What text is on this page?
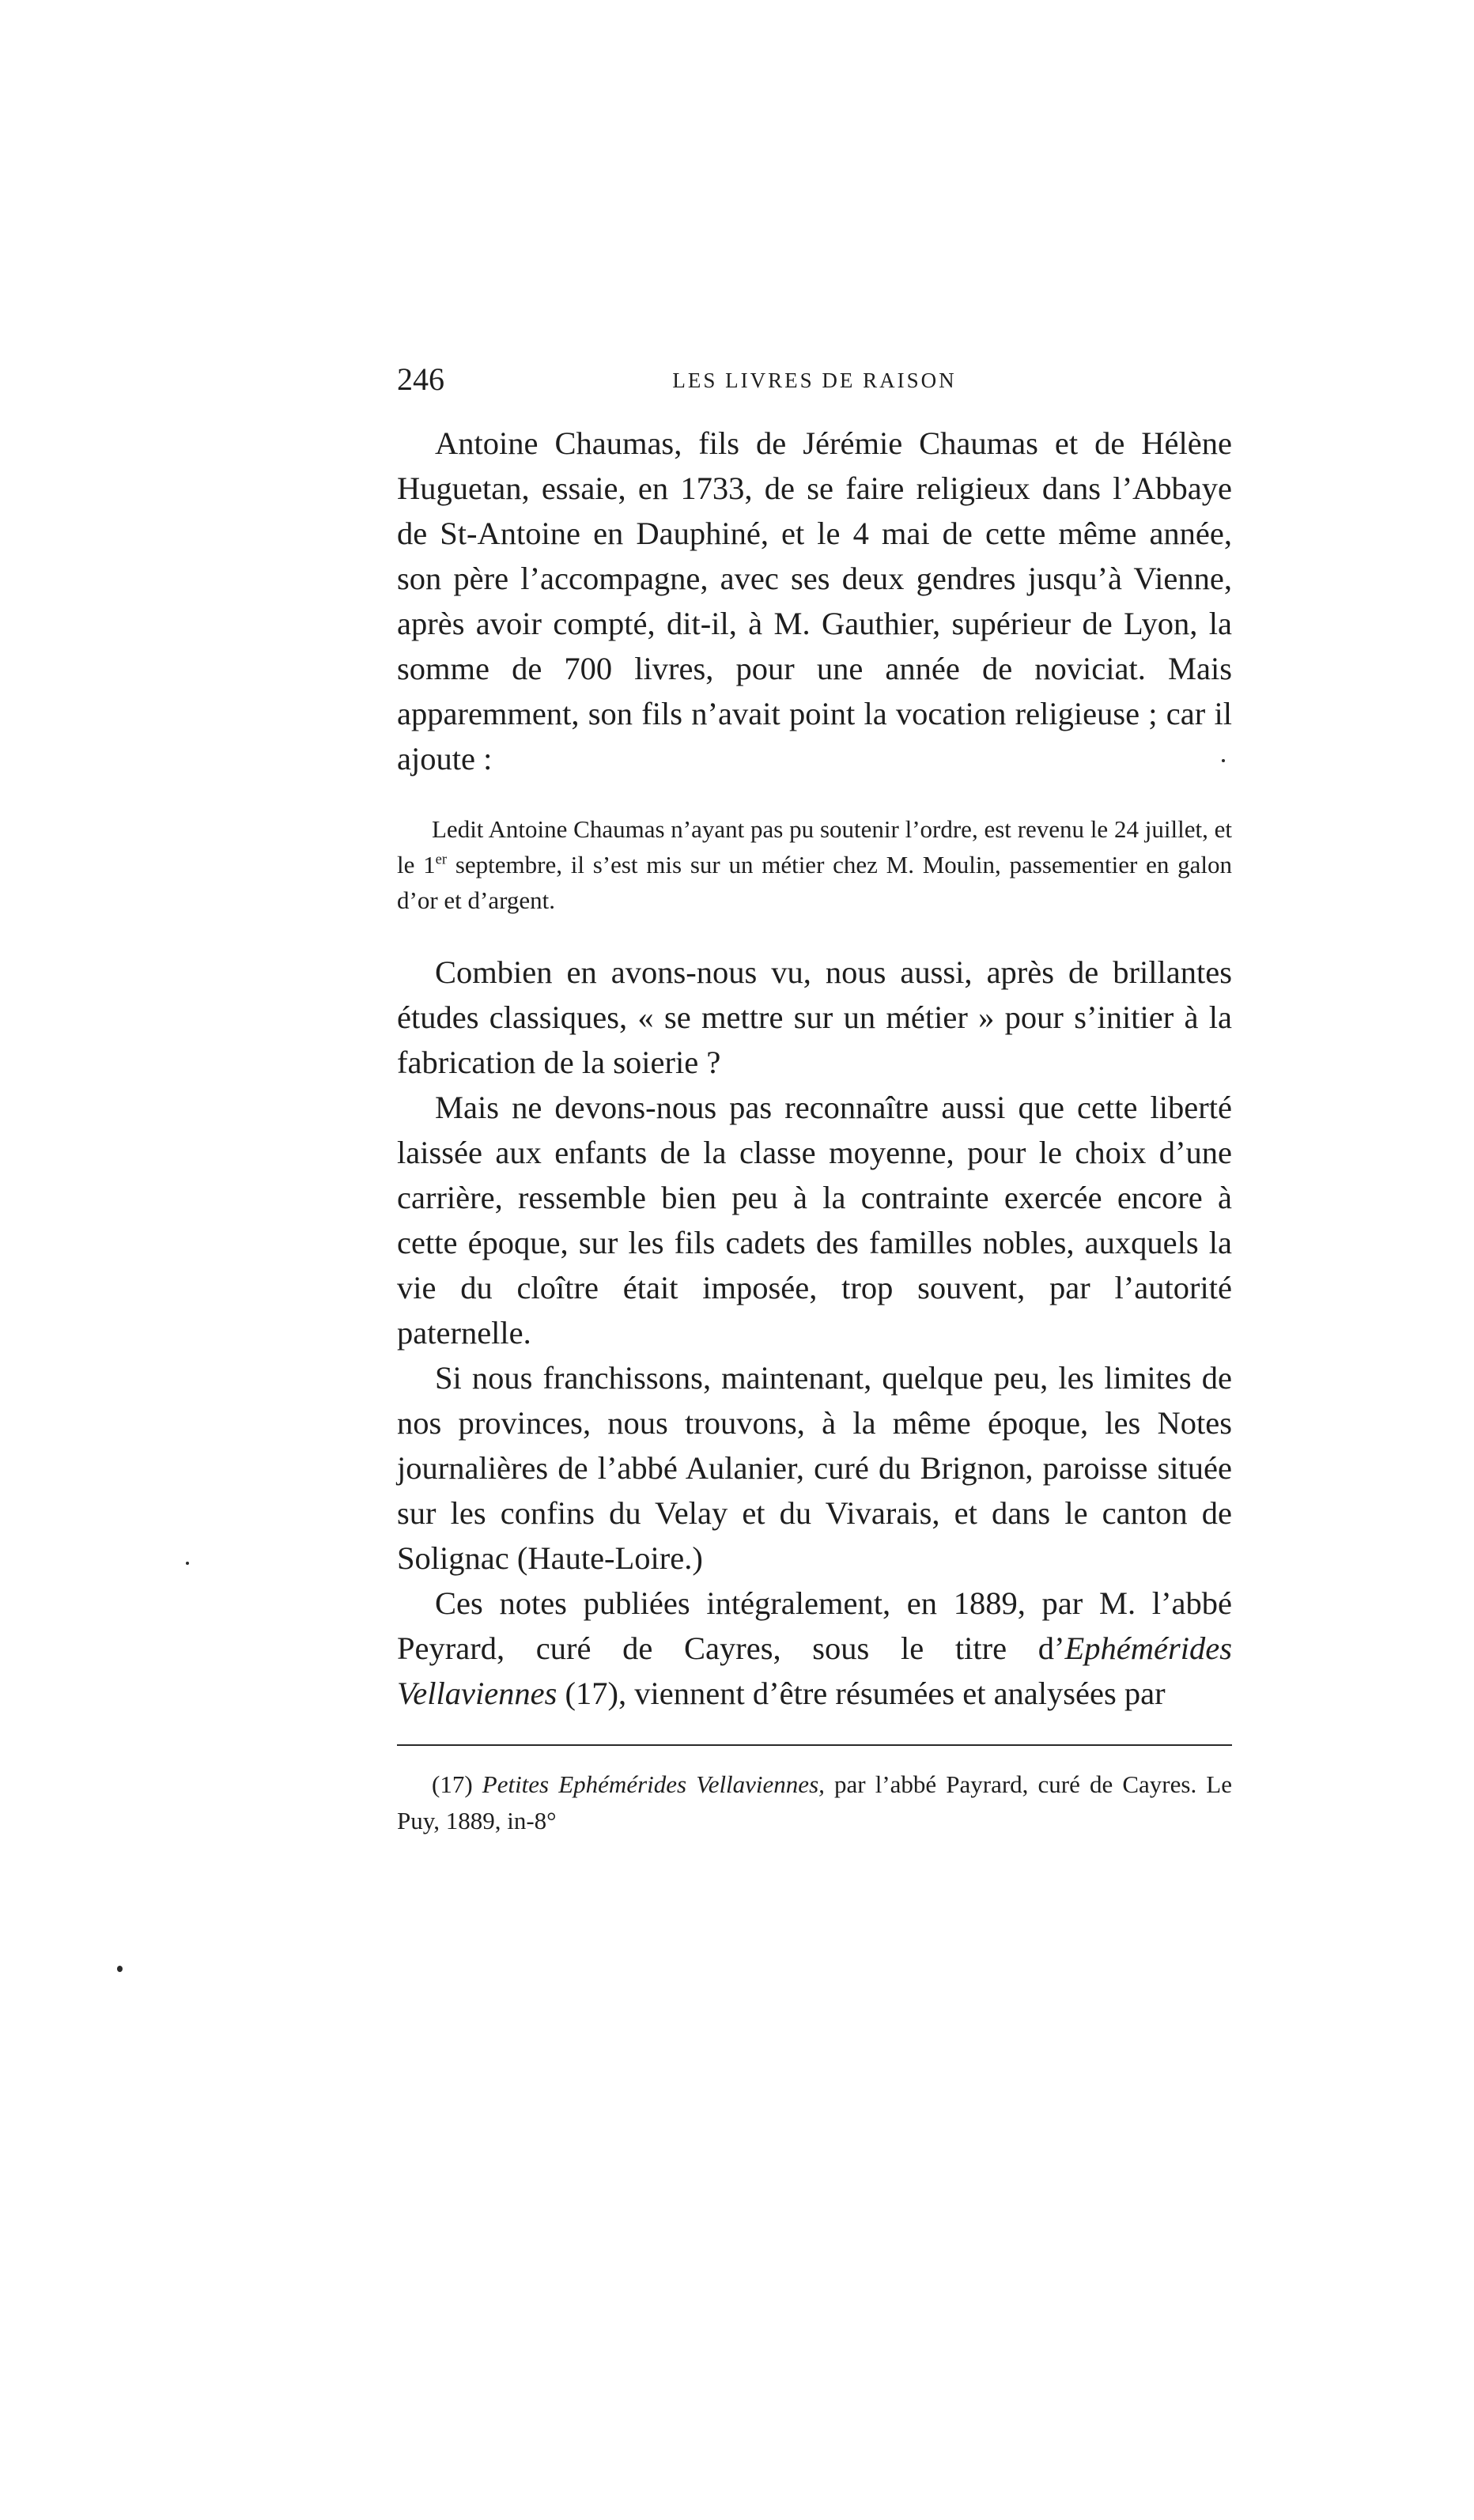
246	LES LIVRES DE RAISON

Antoine Chaumas, fils de Jérémie Chaumas et de Hélène Huguetan, essaie, en 1733, de se faire religieux dans l’Abbaye de St-Antoine en Dauphiné, et le 4 mai de cette même année, son père l’accompagne, avec ses deux gendres jusqu’à Vienne, après avoir compté, dit-il, à M. Gauthier, supérieur de Lyon, la somme de 700 livres, pour une année de noviciat. Mais apparemment, son fils n’avait point la vocation religieuse ; car il ajoute :

Ledit Antoine Chaumas n’ayant pas pu soutenir l’ordre, est revenu le 24 juillet, et le 1er septembre, il s’est mis sur un métier chez M. Moulin, passementier en galon d’or et d’argent.

Combien en avons-nous vu, nous aussi, après de brillantes études classiques, « se mettre sur un métier » pour s’initier à la fabrication de la soierie ?

Mais ne devons-nous pas reconnaître aussi que cette liberté laissée aux enfants de la classe moyenne, pour le choix d’une carrière, ressemble bien peu à la contrainte exercée encore à cette époque, sur les fils cadets des familles nobles, auxquels la vie du cloître était imposée, trop souvent, par l’autorité paternelle.

Si nous franchissons, maintenant, quelque peu, les limites de nos provinces, nous trouvons, à la même époque, les Notes journalières de l’abbé Aulanier, curé du Brignon, paroisse située sur les confins du Velay et du Vivarais, et dans le canton de Solignac (Haute-Loire.)

Ces notes publiées intégralement, en 1889, par M. l’abbé Peyrard, curé de Cayres, sous le titre d’Ephémérides Vellaviennes (17), viennent d’être résumées et analysées par

(17) Petites Ephémérides Vellaviennes, par l’abbé Payrard, curé de Cayres. Le Puy, 1889, in-8°
